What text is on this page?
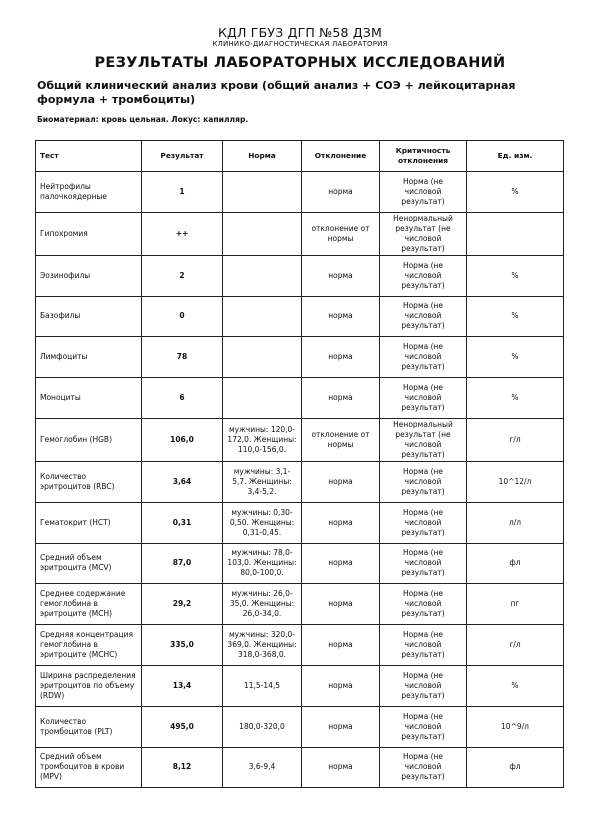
КДЛ ГБУЗ ДГП №58 ДЗМ
КЛИНИКО-ДИАГНОСТИЧЕСКАЯ ЛАБОРАТОРИЯ
РЕЗУЛЬТАТЫ ЛАБОРАТОРНЫХ ИССЛЕДОВАНИЙ
Общий клинический анализ крови (общий анализ + СОЭ + лейкоцитарная формула + тромбоциты)
Биоматериал: кровь цельная. Локус: капилляр.
Тест	Результат	Норма	Отклонение	Критичность отклонения	Ед. изм.
Нейтрофилы палочкоядерные	1		норма	Норма (не числовой результат)	%
Гипохромия	++		отклонение от нормы	Ненормальный результат (не числовой результат)	
Эозинофилы	2		норма	Норма (не числовой результат)	%
Базофилы	0		норма	Норма (не числовой результат)	%
Лимфоциты	78		норма	Норма (не числовой результат)	%
Моноциты	6		норма	Норма (не числовой результат)	%
Гемоглобин (HGB)	106,0	мужчины: 120,0-172,0. Женщины: 110,0-156,0.	отклонение от нормы	Ненормальный результат (не числовой результат)	г/л
Количество эритроцитов (RBC)	3,64	мужчины: 3,1-5,7. Женщины: 3,4-5,2.	норма	Норма (не числовой результат)	10^12/л
Гематокрит (HCT)	0,31	мужчины: 0,30-0,50. Женщины: 0,31-0,45.	норма	Норма (не числовой результат)	л/л
Средний объем эритроцита (MCV)	87,0	мужчины: 78,0-103,0. Женщины: 80,0-100,0.	норма	Норма (не числовой результат)	фл
Среднее содержание гемоглобина в эритроците (MCH)	29,2	мужчины: 26,0-35,0. Женщины: 26,0-34,0.	норма	Норма (не числовой результат)	пг
Средняя концентрация гемоглобина в эритроците (MCHC)	335,0	мужчины: 320,0-369,0. Женщины: 318,0-368,0.	норма	Норма (не числовой результат)	г/л
Ширина распределения эритроцитов по объему (RDW)	13,4	11,5-14,5	норма	Норма (не числовой результат)	%
Количество тромбоцитов (PLT)	495,0	180,0-320,0	норма	Норма (не числовой результат)	10^9/л
Средний объем тромбоцитов в крови (MPV)	8,12	3,6-9,4	норма	Норма (не числовой результат)	фл
